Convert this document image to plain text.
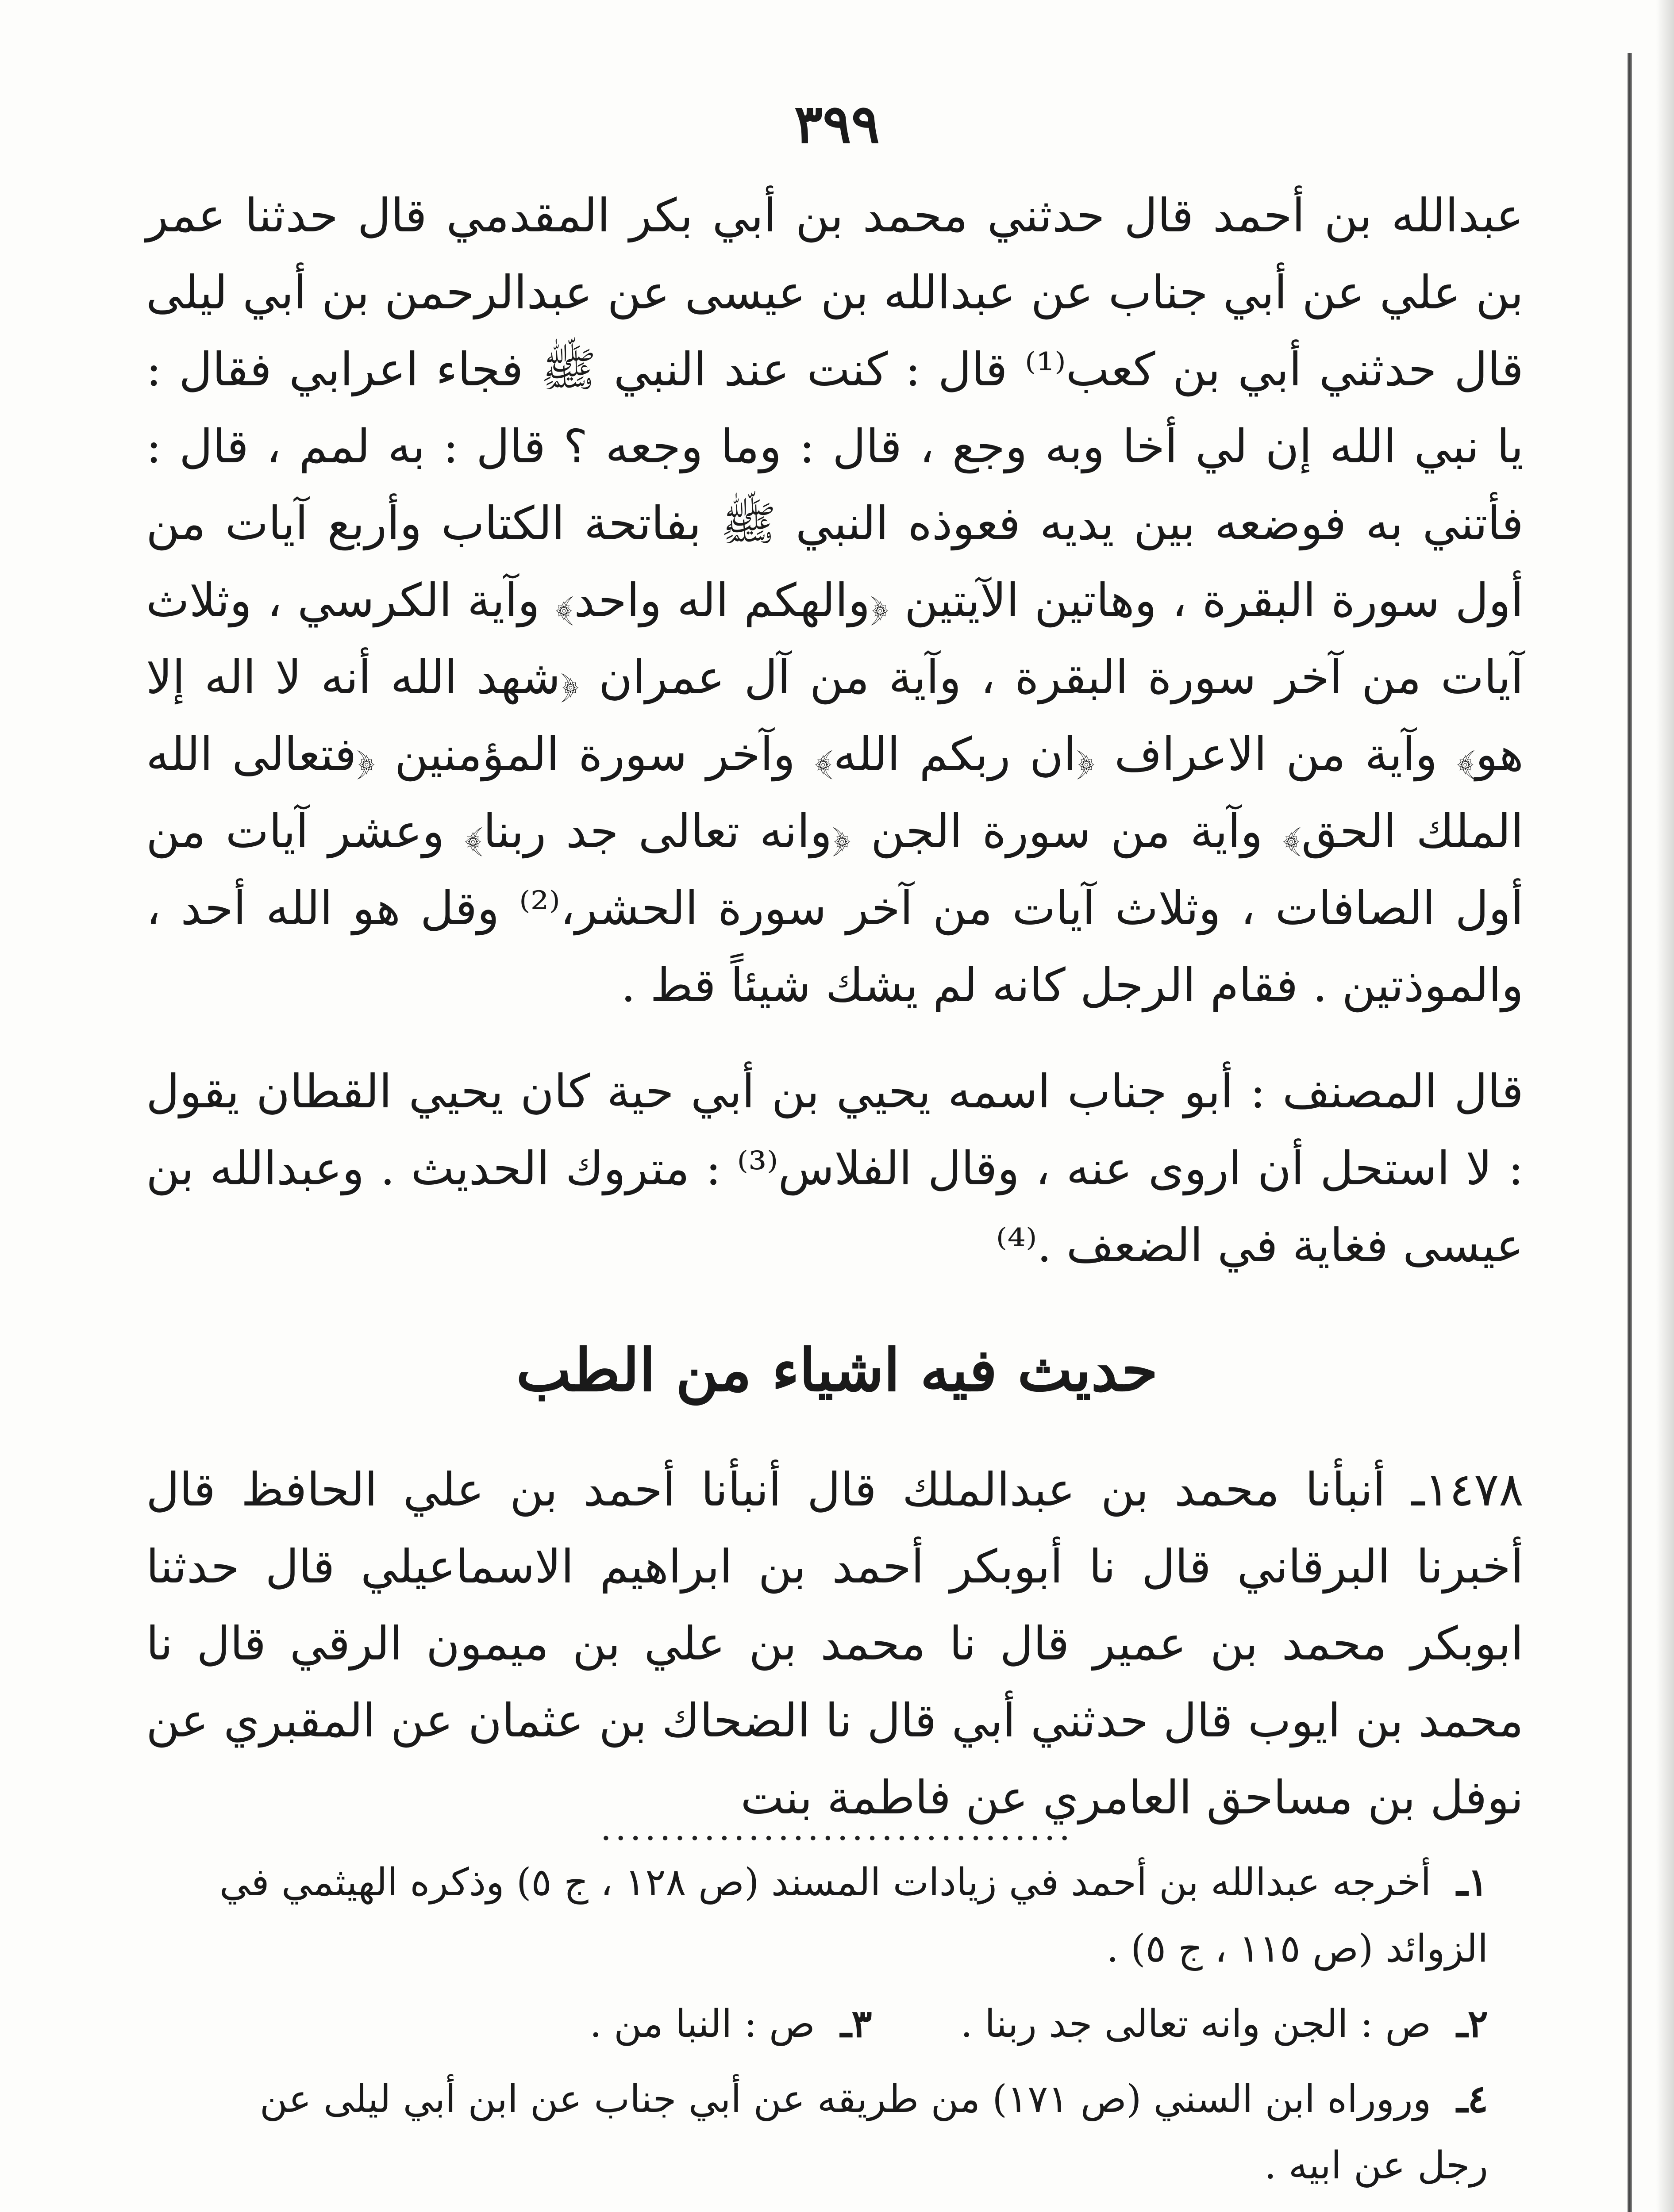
٣٩٩

عبدالله بن أحمد قال حدثني محمد بن أبي بكر المقدمي قال حدثنا عمر بن علي عن أبي جناب عن عبدالله بن عيسى عن عبدالرحمن بن أبي ليلى قال حدثني أبي بن كعب⁽¹⁾ قال : كنت عند النبي ﷺ فجاء اعرابي فقال : يا نبي الله إن لي أخا وبه وجع ، قال : وما وجعه ؟ قال : به لمم ، قال : فأتني به فوضعه بين يديه فعوذه النبي ﷺ بفاتحة الكتاب وأربع آيات من أول سورة البقرة ، وهاتين الآيتين ﴿والهكم اله واحد﴾ وآية الكرسي ، وثلاث آيات من آخر سورة البقرة ، وآية من آل عمران ﴿شهد الله أنه لا اله إلا هو﴾ وآية من الاعراف ﴿ان ربكم الله﴾ وآخر سورة المؤمنين ﴿فتعالى الله الملك الحق﴾ وآية من سورة الجن ﴿وانه تعالى جد ربنا﴾ وعشر آيات من أول الصافات ، وثلاث آيات من آخر سورة الحشر،⁽²⁾ وقل هو الله أحد ، والموذتين . فقام الرجل كانه لم يشك شيئاً قط .

قال المصنف : أبو جناب اسمه يحيي بن أبي حية كان يحيي القطان يقول : لا استحل أن اروى عنه ، وقال الفلاس⁽³⁾ : متروك الحديث . وعبدالله بن عيسى فغاية في الضعف .⁽⁴⁾

حديث فيه اشياء من الطب

١٤٧٨ـ أنبأنا محمد بن عبدالملك قال أنبأنا أحمد بن علي الحافظ قال أخبرنا البرقاني قال نا أبوبكر أحمد بن ابراهيم الاسماعيلي قال حدثنا ابوبكر محمد بن عمير قال نا محمد بن علي بن ميمون الرقي قال نا محمد بن ايوب قال حدثني أبي قال نا الضحاك بن عثمان عن المقبري عن نوفل بن مساحق العامري عن فاطمة بنت

................................

١ـ أخرجه عبدالله بن أحمد في زيادات المسند (ص ١٢٨ ، ج ٥) وذكره الهيثمي في الزوائد (ص ١١٥ ، ج ٥) .

٢ـ ص : الجن وانه تعالى جد ربنا .
٣ـ ص : النبا من .

٤ـ وروراه ابن السني (ص ١٧١) من طريقه عن أبي جناب عن ابن أبي ليلى عن رجل عن ابيه .
